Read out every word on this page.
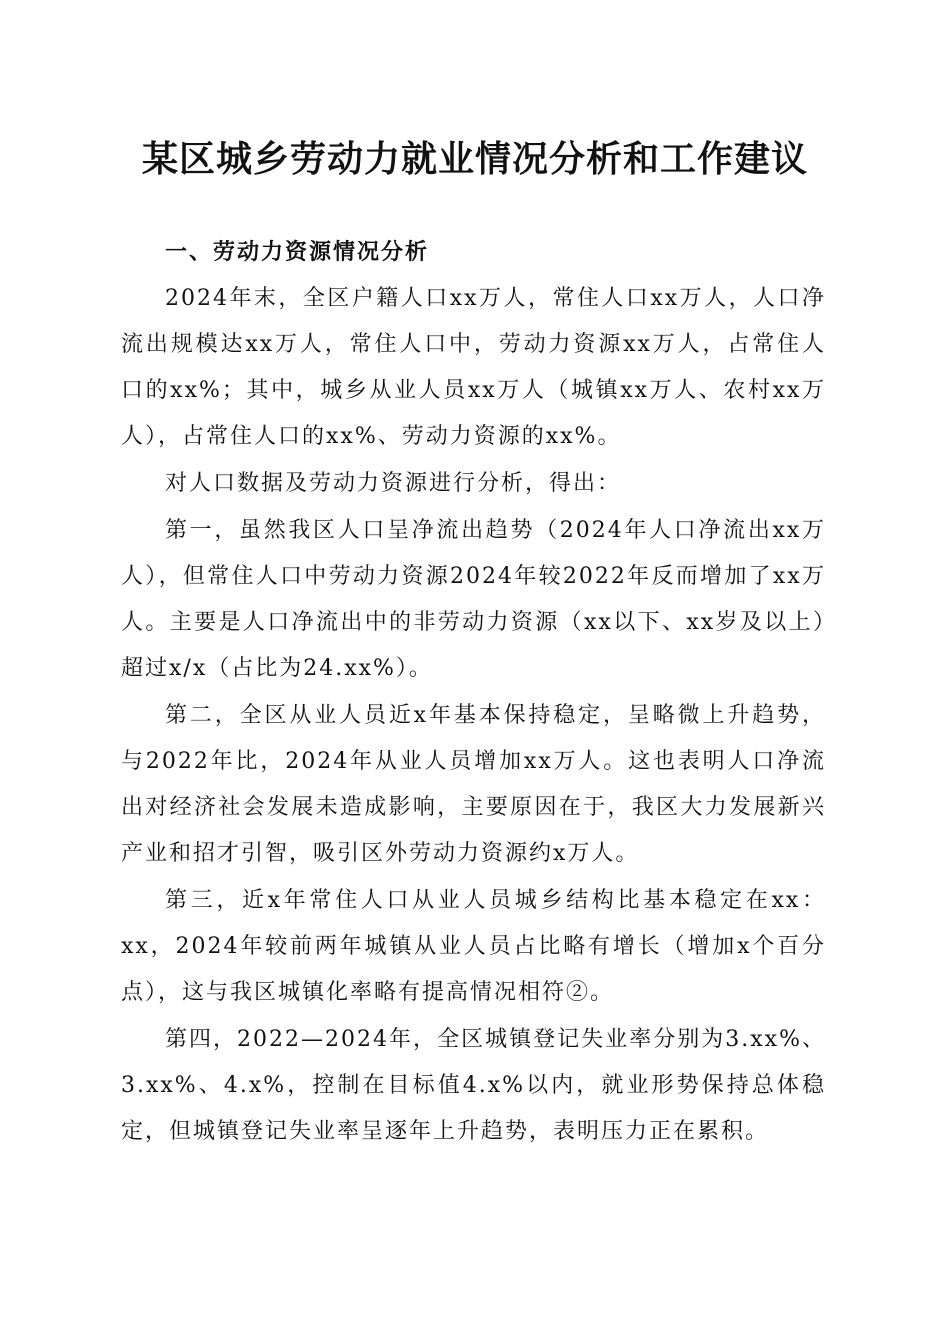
某区城乡劳动力就业情况分析和工作建议
一、劳动力资源情况分析

2024年末，全区户籍人口xx万人，常住人口xx万人，人口净流出规模达xx万人，常住人口中，劳动力资源xx万人，占常住人口的xx%；其中，城乡从业人员xx万人（城镇xx万人、农村xx万人），占常住人口的xx%、劳动力资源的xx%。

对人口数据及劳动力资源进行分析，得出：

第一，虽然我区人口呈净流出趋势（2024年人口净流出xx万人），但常住人口中劳动力资源2024年较2022年反而增加了xx万人。主要是人口净流出中的非劳动力资源（xx以下、xx岁及以上）超过x/x（占比为24.xx%）。

第二，全区从业人员近x年基本保持稳定，呈略微上升趋势，与2022年比，2024年从业人员增加xx万人。这也表明人口净流出对经济社会发展未造成影响，主要原因在于，我区大力发展新兴产业和招才引智，吸引区外劳动力资源约x万人。

第三，近x年常住人口从业人员城乡结构比基本稳定在xx：xx，2024年较前两年城镇从业人员占比略有增长（增加x个百分点），这与我区城镇化率略有提高情况相符②。

第四，2022—2024年，全区城镇登记失业率分别为3.xx%、3.xx%、4.x%，控制在目标值4.x%以内，就业形势保持总体稳定，但城镇登记失业率呈逐年上升趋势，表明压力正在累积。
